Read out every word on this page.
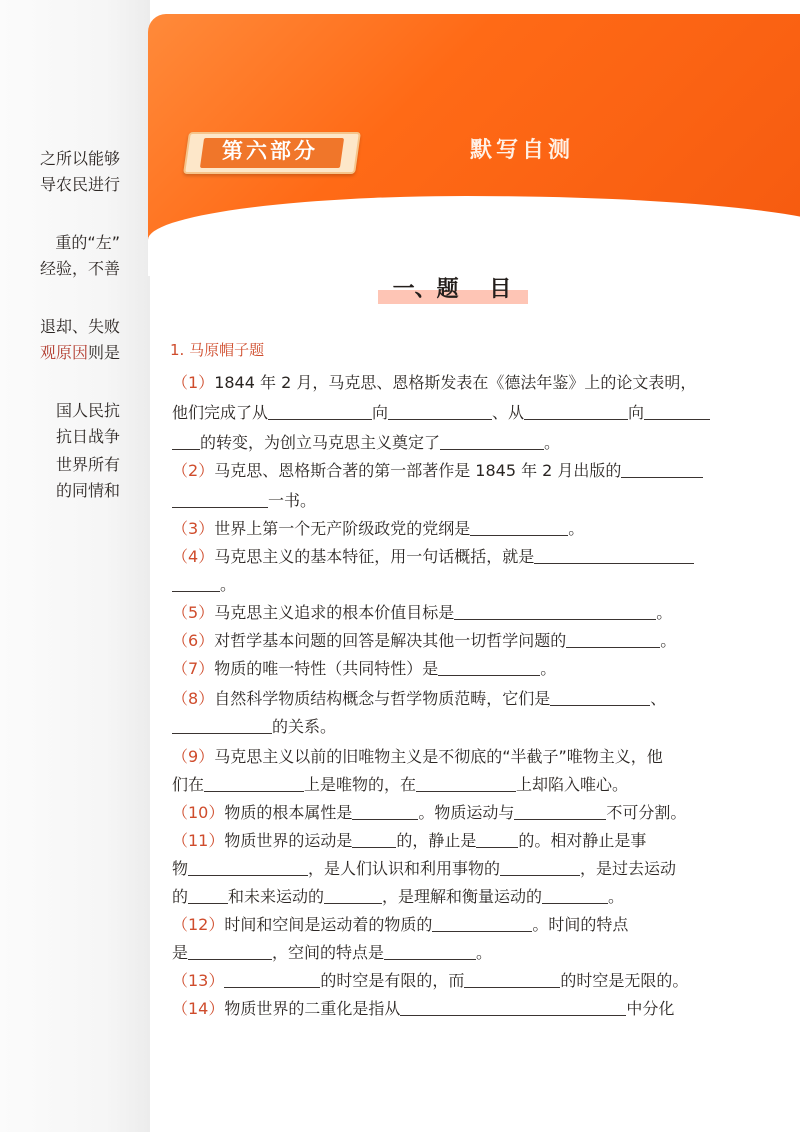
之所以能够
导农民进行
重的“左”
经验，不善
退却、失败
观原因则是
国人民抗
抗日战争
世界所有
的同情和
第六部分	默写自测
一、题    目
1. 马原帽子题
（1）1844 年 2 月，马克思、恩格斯发表在《德法年鉴》上的论文表明，
他们完成了从	向	、从	向
的转变，为创立马克思主义奠定了	。
（2）马克思、恩格斯合著的第一部著作是 1845 年 2 月出版的
一书。
（3）世界上第一个无产阶级政党的党纲是	。
（4）马克思主义的基本特征，用一句话概括，就是
。
（5）马克思主义追求的根本价值目标是	。
（6）对哲学基本问题的回答是解决其他一切哲学问题的	。
（7）物质的唯一特性（共同特性）是	。
（8）自然科学物质结构概念与哲学物质范畴，它们是	、
的关系。
（9）马克思主义以前的旧唯物主义是不彻底的“半截子”唯物主义，他
们在	上是唯物的，在	上却陷入唯心。
（10）物质的根本属性是	。物质运动与	不可分割。
（11）物质世界的运动是	的，静止是	的。相对静止是事
物	，是人们认识和利用事物的	，是过去运动
的	和未来运动的	，是理解和衡量运动的	。
（12）时间和空间是运动着的物质的	。时间的特点
是	，空间的特点是	。
（13）	的时空是有限的，而	的时空是无限的。
（14）物质世界的二重化是指从	中分化
